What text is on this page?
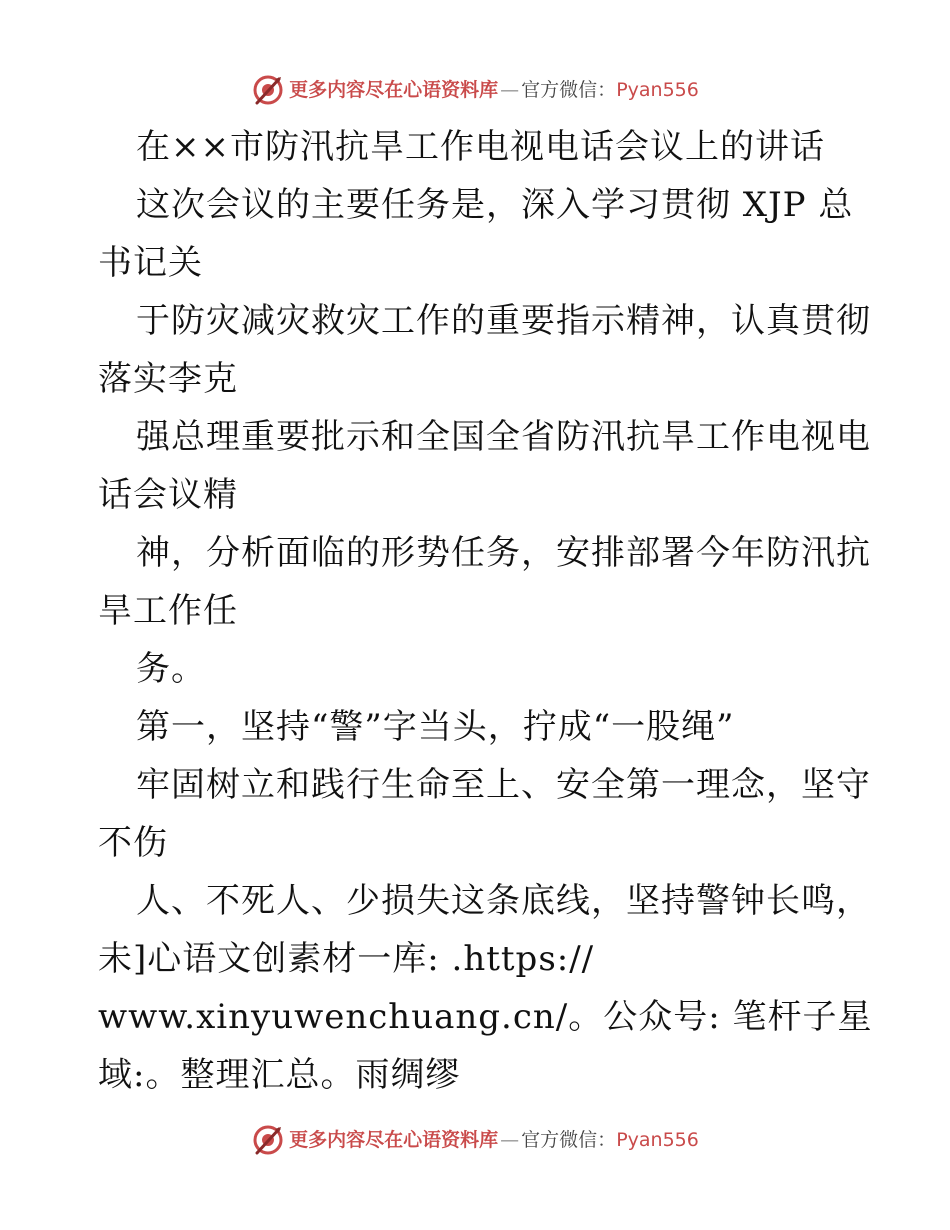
更多内容尽在心语资料库 — 官方微信： Pyan556
在××市防汛抗旱工作电视电话会议上的讲话
这次会议的主要任务是，深入学习贯彻 XJP 总
书记关
于防灾减灾救灾工作的重要指示精神，认真贯彻
落实李克
强总理重要批示和全国全省防汛抗旱工作电视电
话会议精
神，分析面临的形势任务，安排部署今年防汛抗
旱工作任
务。
第一，坚持“警”字当头，拧成“一股绳”
牢固树立和践行生命至上、安全第一理念，坚守
不伤
人、不死人、少损失这条底线，坚持警钟长鸣，
未]心语文创素材一库: .https://
www.xinyuwenchuang.cn/。公众号: 笔杆子星
域:。整理汇总。雨绸缪
更多内容尽在心语资料库 — 官方微信： Pyan556
